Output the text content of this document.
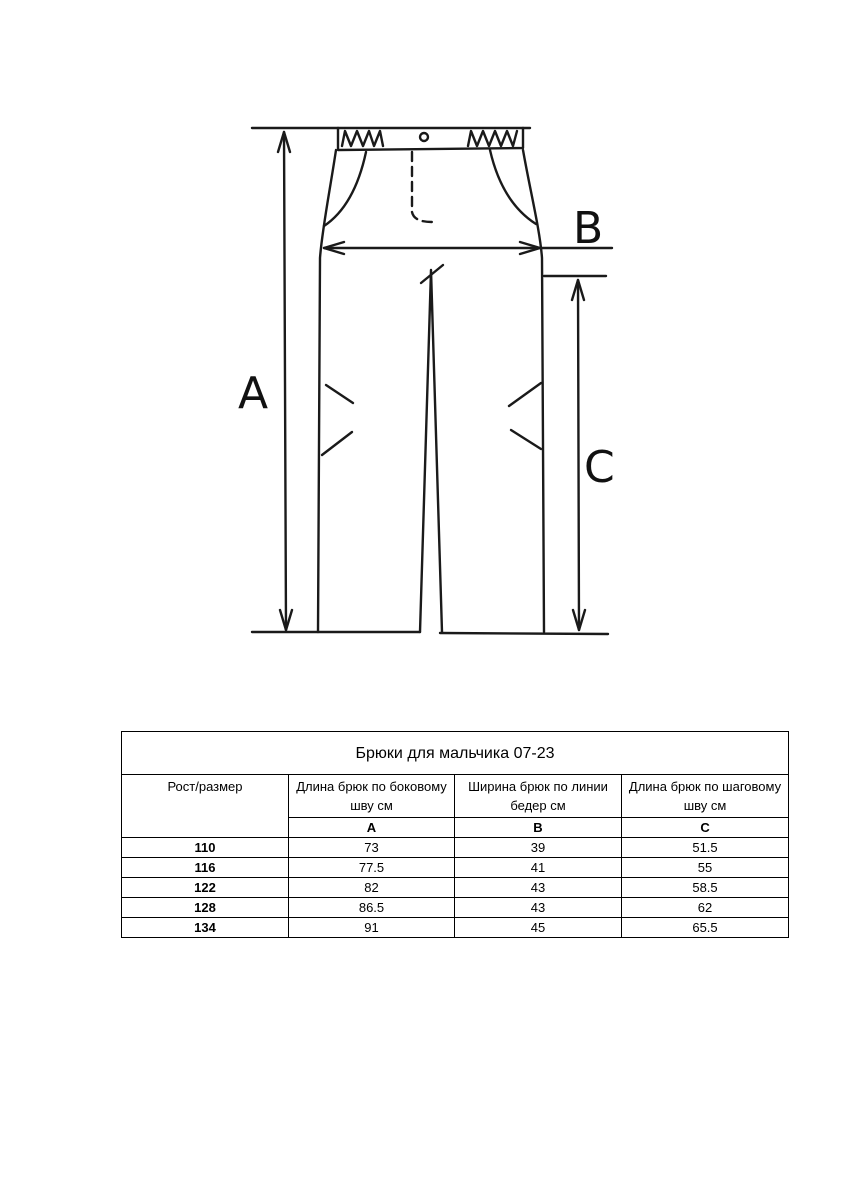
A
B
C
Брюки для мальчика 07-23			
Рост/размер	Длина брюк по боковому шву см	Ширина брюк по линии бедер см	Длина брюк по шаговому шву см
	A	B	C
110	73	39	51.5
116	77.5	41	55
122	82	43	58.5
128	86.5	43	62
134	91	45	65.5
